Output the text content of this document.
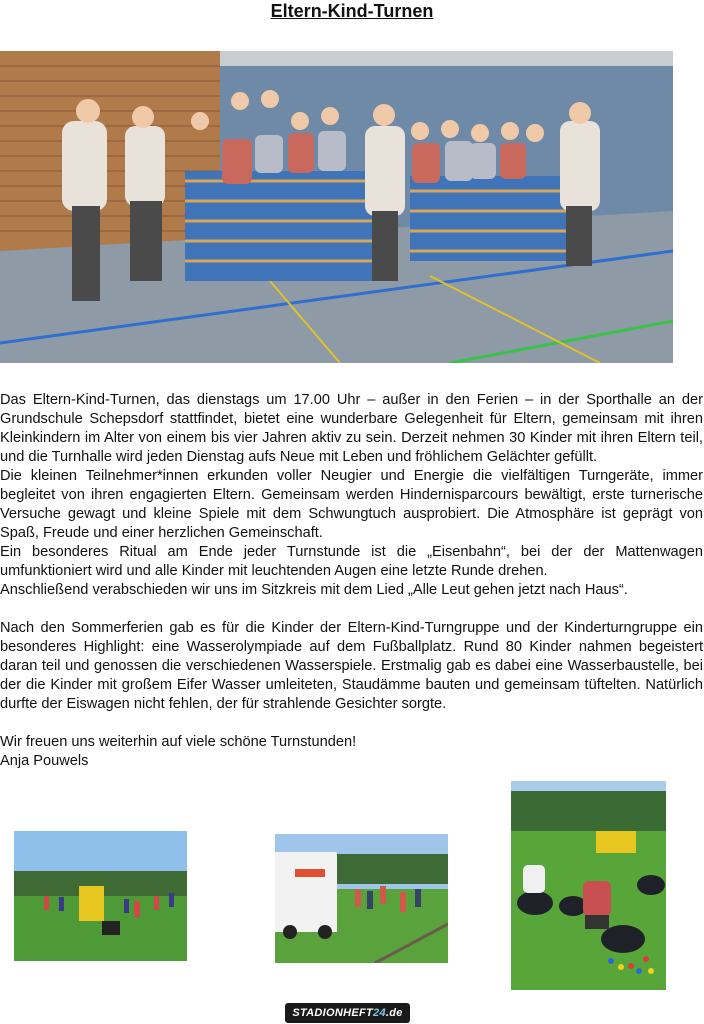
Eltern-Kind-Turnen

Das Eltern-Kind-Turnen, das dienstags um 17.00 Uhr – außer in den Ferien – in der Sporthalle an der Grundschule Schepsdorf stattfindet, bietet eine wunderbare Gelegenheit für Eltern, gemeinsam mit ihren Kleinkindern im Alter von einem bis vier Jahren aktiv zu sein. Derzeit nehmen 30 Kinder mit ihren Eltern teil, und die Turnhalle wird jeden Dienstag aufs Neue mit Leben und fröhlichem Gelächter gefüllt.

Die kleinen Teilnehmer*innen erkunden voller Neugier und Energie die vielfältigen Turngeräte, immer begleitet von ihren engagierten Eltern. Gemeinsam werden Hindernisparcours bewältigt, erste turnerische Versuche gewagt und kleine Spiele mit dem Schwungtuch ausprobiert. Die Atmosphäre ist geprägt von Spaß, Freude und einer herzlichen Gemeinschaft.

Ein besonderes Ritual am Ende jeder Turnstunde ist die „Eisenbahn“, bei der der Mattenwagen umfunktioniert wird und alle Kinder mit leuchtenden Augen eine letzte Runde drehen.

Anschließend verabschieden wir uns im Sitzkreis mit dem Lied „Alle Leut gehen jetzt nach Haus“.

Nach den Sommerferien gab es für die Kinder der Eltern-Kind-Turngruppe und der Kinderturngruppe ein besonderes Highlight: eine Wasserolympiade auf dem Fußballplatz. Rund 80 Kinder nahmen begeistert daran teil und genossen die verschiedenen Wasserspiele. Erstmalig gab es dabei eine Wasserbaustelle, bei der die Kinder mit großem Eifer Wasser umleiteten, Staudämme bauten und gemeinsam tüftelten. Natürlich durfte der Eiswagen nicht fehlen, der für strahlende Gesichter sorgte.

Wir freuen uns weiterhin auf viele schöne Turnstunden!

Anja Pouwels

STADIONHEFT 24 .de
